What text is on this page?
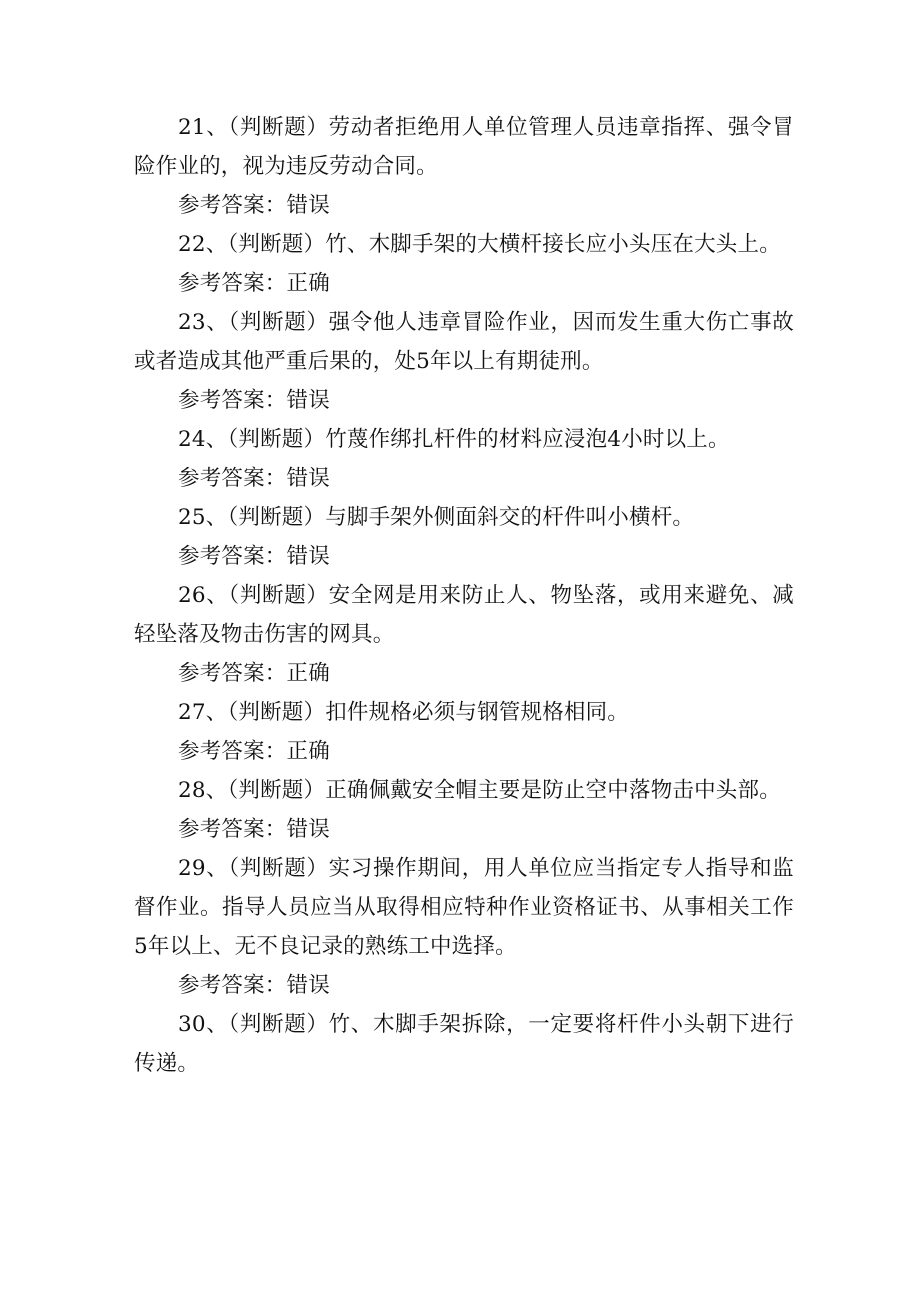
21、（判断题）劳动者拒绝用人单位管理人员违章指挥、强令冒险作业的，视为违反劳动合同。

参考答案：错误

22、（判断题）竹、木脚手架的大横杆接长应小头压在大头上。

参考答案：正确

23、（判断题）强令他人违章冒险作业，因而发生重大伤亡事故或者造成其他严重后果的，处5年以上有期徒刑。

参考答案：错误

24、（判断题）竹蔑作绑扎杆件的材料应浸泡4小时以上。

参考答案：错误

25、（判断题）与脚手架外侧面斜交的杆件叫小横杆。

参考答案：错误

26、（判断题）安全网是用来防止人、物坠落，或用来避免、减轻坠落及物击伤害的网具。

参考答案：正确

27、（判断题）扣件规格必须与钢管规格相同。

参考答案：正确

28、（判断题）正确佩戴安全帽主要是防止空中落物击中头部。

参考答案：错误

29、（判断题）实习操作期间，用人单位应当指定专人指导和监督作业。指导人员应当从取得相应特种作业资格证书、从事相关工作5年以上、无不良记录的熟练工中选择。

参考答案：错误

30、（判断题）竹、木脚手架拆除，一定要将杆件小头朝下进行传递。
